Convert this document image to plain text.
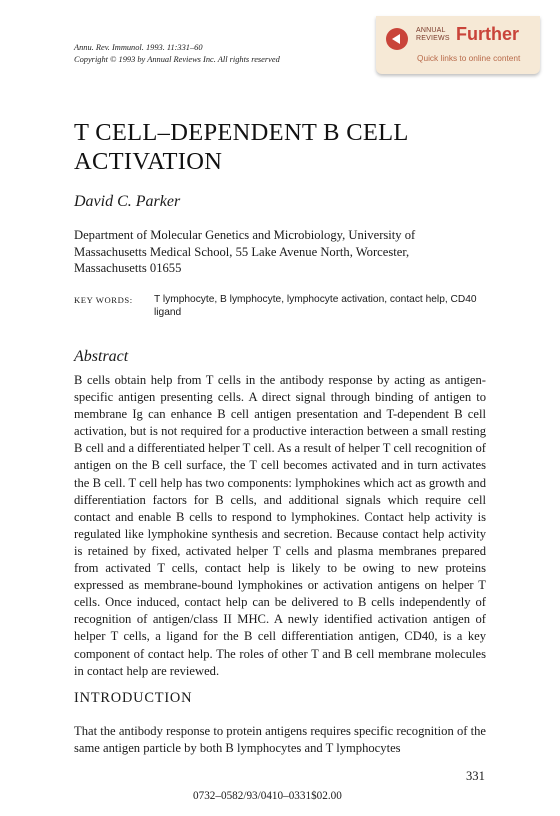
Annu. Rev. Immunol. 1993. 11:331–60
Copyright © 1993 by Annual Reviews Inc. All rights reserved
ANNUAL
REVIEWS Further
Quick links to online content
T CELL–DEPENDENT B CELL ACTIVATION
David C. Parker
Department of Molecular Genetics and Microbiology, University of Massachusetts Medical School, 55 Lake Avenue North, Worcester, Massachusetts 01655
KEY WORDS: T lymphocyte, B lymphocyte, lymphocyte activation, contact help, CD40 ligand
Abstract
B cells obtain help from T cells in the antibody response by acting as antigen-specific antigen presenting cells. A direct signal through binding of antigen to membrane Ig can enhance B cell antigen presentation and T-dependent B cell activation, but is not required for a productive interaction between a small resting B cell and a differentiated helper T cell. As a result of helper T cell recognition of antigen on the B cell surface, the T cell becomes activated and in turn activates the B cell. T cell help has two components: lymphokines which act as growth and differentiation factors for B cells, and additional signals which require cell contact and enable B cells to respond to lymphokines. Contact help activity is regulated like lymphokine synthesis and secretion. Because contact help activity is retained by fixed, activated helper T cells and plasma membranes prepared from activated T cells, contact help is likely to be owing to new proteins expressed as membrane-bound lymphokines or activation antigens on helper T cells. Once induced, contact help can be delivered to B cells independently of recognition of antigen/class II MHC. A newly identified activation antigen of helper T cells, a ligand for the B cell differentiation antigen, CD40, is a key component of contact help. The roles of other T and B cell membrane molecules in contact help are reviewed.
INTRODUCTION
That the antibody response to protein antigens requires specific recognition of the same antigen particle by both B lymphocytes and T lymphocytes
331
0732–0582/93/0410–0331$02.00
